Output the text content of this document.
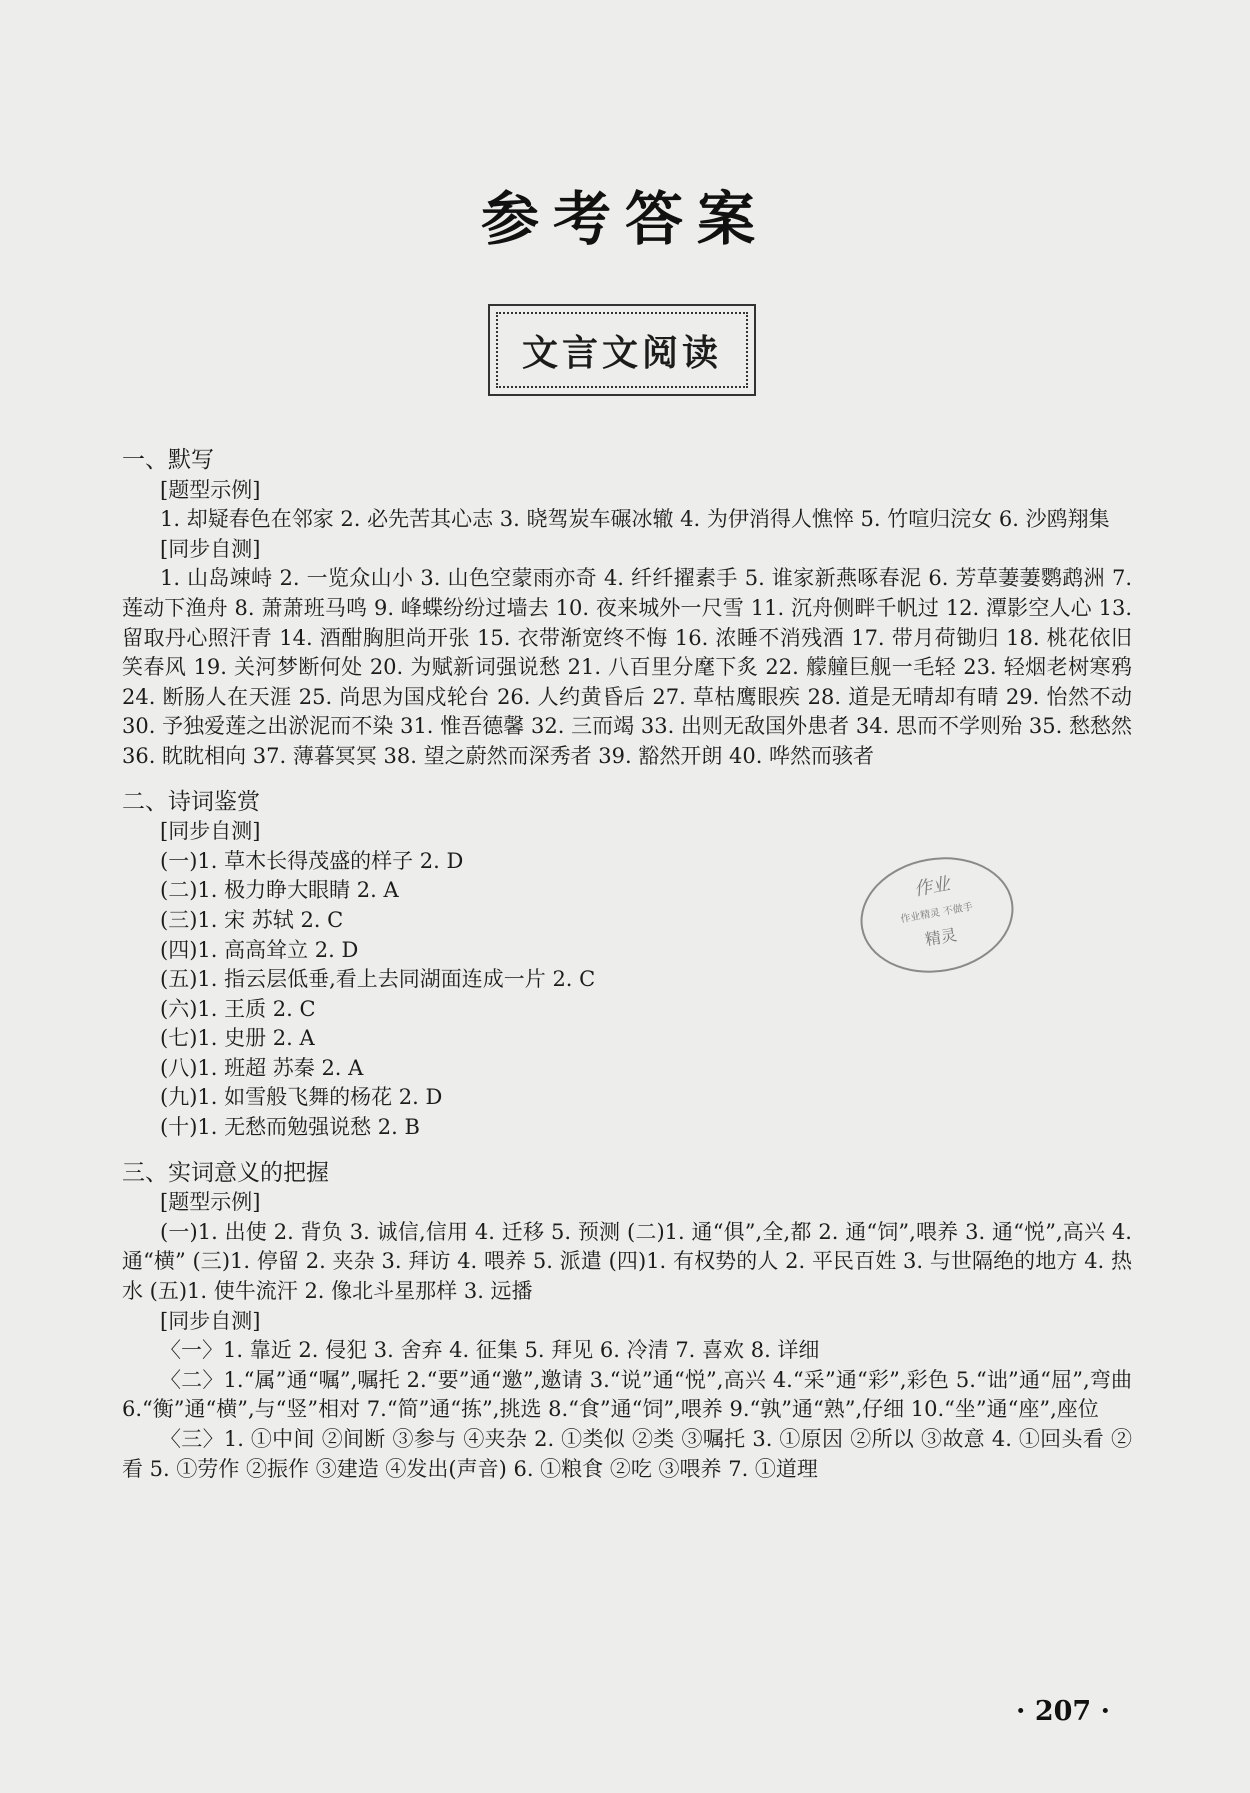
参考答案
文言文阅读
作业
作业精灵 不做手
精灵
一、默写
[题型示例]
1. 却疑春色在邻家 2. 必先苦其心志 3. 晓驾炭车碾冰辙 4. 为伊消得人憔悴 5. 竹喧归浣女 6. 沙鸥翔集
[同步自测]
1. 山岛竦峙 2. 一览众山小 3. 山色空蒙雨亦奇 4. 纤纤擢素手 5. 谁家新燕啄春泥 6. 芳草萋萋鹦鹉洲 7. 莲动下渔舟 8. 萧萧班马鸣 9. 峰蝶纷纷过墙去 10. 夜来城外一尺雪 11. 沉舟侧畔千帆过 12. 潭影空人心 13. 留取丹心照汗青 14. 酒酣胸胆尚开张 15. 衣带渐宽终不悔 16. 浓睡不消残酒 17. 带月荷锄归 18. 桃花依旧笑春风 19. 关河梦断何处 20. 为赋新词强说愁 21. 八百里分麾下炙 22. 艨艟巨舰一毛轻 23. 轻烟老树寒鸦 24. 断肠人在天涯 25. 尚思为国戍轮台 26. 人约黄昏后 27. 草枯鹰眼疾 28. 道是无晴却有晴 29. 怡然不动 30. 予独爱莲之出淤泥而不染 31. 惟吾德馨 32. 三而竭 33. 出则无敌国外患者 34. 思而不学则殆 35. 愁愁然 36. 眈眈相向 37. 薄暮冥冥 38. 望之蔚然而深秀者 39. 豁然开朗 40. 哗然而骇者
二、诗词鉴赏
[同步自测]
(一)1. 草木长得茂盛的样子 2. D
(二)1. 极力睁大眼睛 2. A
(三)1. 宋 苏轼 2. C
(四)1. 高高耸立 2. D
(五)1. 指云层低垂,看上去同湖面连成一片 2. C
(六)1. 王质 2. C
(七)1. 史册 2. A
(八)1. 班超 苏秦 2. A
(九)1. 如雪般飞舞的杨花 2. D
(十)1. 无愁而勉强说愁 2. B
三、实词意义的把握
[题型示例]
(一)1. 出使 2. 背负 3. 诚信,信用 4. 迁移 5. 预测 (二)1. 通“俱”,全,都 2. 通“饲”,喂养 3. 通“悦”,高兴 4. 通“横” (三)1. 停留 2. 夹杂 3. 拜访 4. 喂养 5. 派遣 (四)1. 有权势的人 2. 平民百姓 3. 与世隔绝的地方 4. 热水 (五)1. 使牛流汗 2. 像北斗星那样 3. 远播
[同步自测]
〈一〉1. 靠近 2. 侵犯 3. 舍弃 4. 征集 5. 拜见 6. 冷清 7. 喜欢 8. 详细
〈二〉1.“属”通“嘱”,嘱托 2.“要”通“邀”,邀请 3.“说”通“悦”,高兴 4.“采”通“彩”,彩色 5.“诎”通“屈”,弯曲 6.“衡”通“横”,与“竖”相对 7.“简”通“拣”,挑选 8.“食”通“饲”,喂养 9.“孰”通“熟”,仔细 10.“坐”通“座”,座位
〈三〉1. ①中间 ②间断 ③参与 ④夹杂 2. ①类似 ②类 ③嘱托 3. ①原因 ②所以 ③故意 4. ①回头看 ②看 5. ①劳作 ②振作 ③建造 ④发出(声音) 6. ①粮食 ②吃 ③喂养 7. ①道理
· 207 ·
